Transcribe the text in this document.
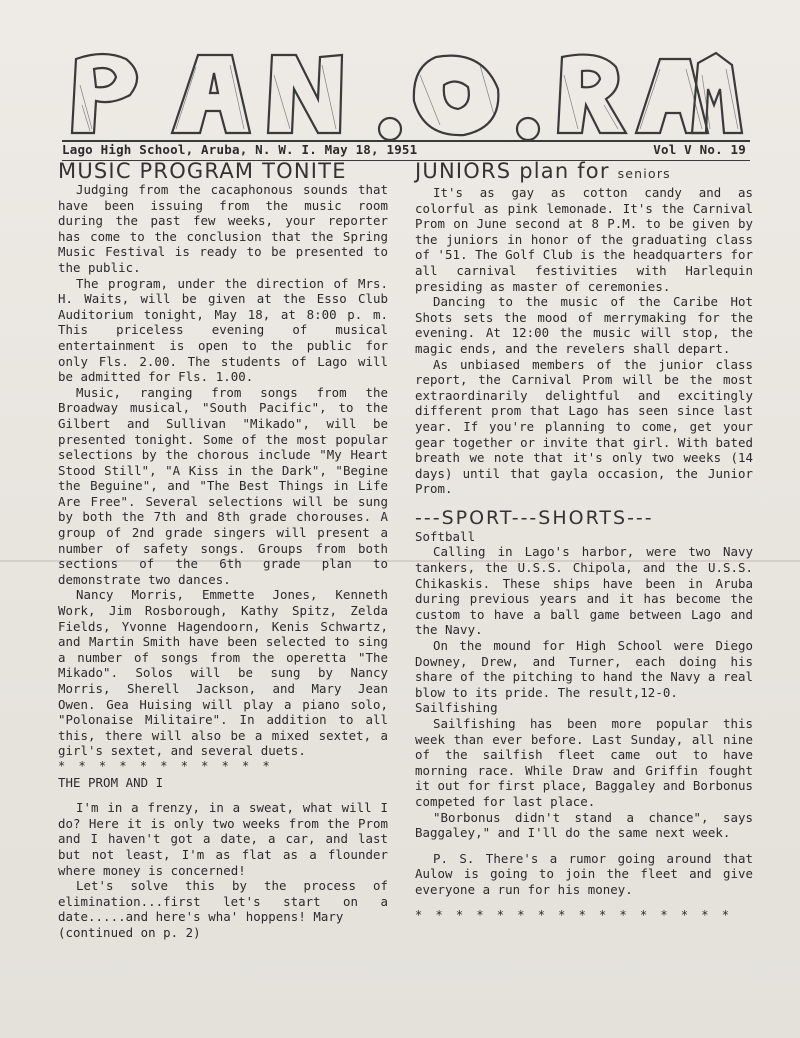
Lago High School, Aruba, N. W. I. May 18, 1951	Vol V No. 19
MUSIC PROGRAM TONITE

Judging from the cacaphonous sounds that have been issuing from the music room during the past few weeks, your reporter has come to the conclusion that the Spring Music Festival is ready to be presented to the public.

The program, under the direction of Mrs. H. Waits, will be given at the Esso Club Auditorium tonight, May 18, at 8:00 p. m. This priceless evening of musical entertainment is open to the public for only Fls. 2.00. The students of Lago will be admitted for Fls. 1.00.

Music, ranging from songs from the Broadway musical, "South Pacific", to the Gilbert and Sullivan "Mikado", will be presented tonight. Some of the most popular selections by the chorous include "My Heart Stood Still", "A Kiss in the Dark", "Begine the Beguine", and "The Best Things in Life Are Free". Several selections will be sung by both the 7th and 8th grade chorouses. A group of 2nd grade singers will present a number of safety songs. Groups from both sections of the 6th grade plan to demonstrate two dances.

Nancy Morris, Emmette Jones, Kenneth Work, Jim Rosborough, Kathy Spitz, Zelda Fields, Yvonne Hagendoorn, Kenis Schwartz, and Martin Smith have been selected to sing a number of songs from the operetta "The Mikado". Solos will be sung by Nancy Morris, Sherell Jackson, and Mary Jean Owen. Gea Huising will play a piano solo, "Polonaise Militaire". In addition to all this, there will also be a mixed sextet, a girl's sextet, and several duets.

* * * * * * * * * * *

THE PROM AND I

I'm in a frenzy, in a sweat, what will I do? Here it is only two weeks from the Prom and I haven't got a date, a car, and last but not least, I'm as flat as a flounder where money is concerned!

Let's solve this by the process of elimination...first let's start on a date.....and here's wha' hoppens! Mary

(continued on p. 2)

JUNIORS plan for seniors

It's as gay as cotton candy and as colorful as pink lemonade. It's the Carnival Prom on June second at 8 P.M. to be given by the juniors in honor of the graduating class of '51. The Golf Club is the headquarters for all carnival festivities with Harlequin presiding as master of ceremonies.

Dancing to the music of the Caribe Hot Shots sets the mood of merrymaking for the evening. At 12:00 the music will stop, the magic ends, and the revelers shall depart.

As unbiased members of the junior class report, the Carnival Prom will be the most extraordinarily delightful and excitingly different prom that Lago has seen since last year. If you're planning to come, get your gear together or invite that girl. With bated breath we note that it's only two weeks (14 days) until that gayla occasion, the Junior Prom.

---SPORT---SHORTS---

Softball

Calling in Lago's harbor, were two Navy tankers, the U.S.S. Chipola, and the U.S.S. Chikaskis. These ships have been in Aruba during previous years and it has become the custom to have a ball game between Lago and the Navy.

On the mound for High School were Diego Downey, Drew, and Turner, each doing his share of the pitching to hand the Navy a real blow to its pride. The result,12-0.

Sailfishing

Sailfishing has been more popular this week than ever before. Last Sunday, all nine of the sailfish fleet came out to have morning race. While Draw and Griffin fought it out for first place, Baggaley and Borbonus competed for last place.

"Borbonus didn't stand a chance", says Baggaley," and I'll do the same next week.

P. S. There's a rumor going around that Aulow is going to join the fleet and give everyone a run for his money.

* * * * * * * * * * * * * * * *
